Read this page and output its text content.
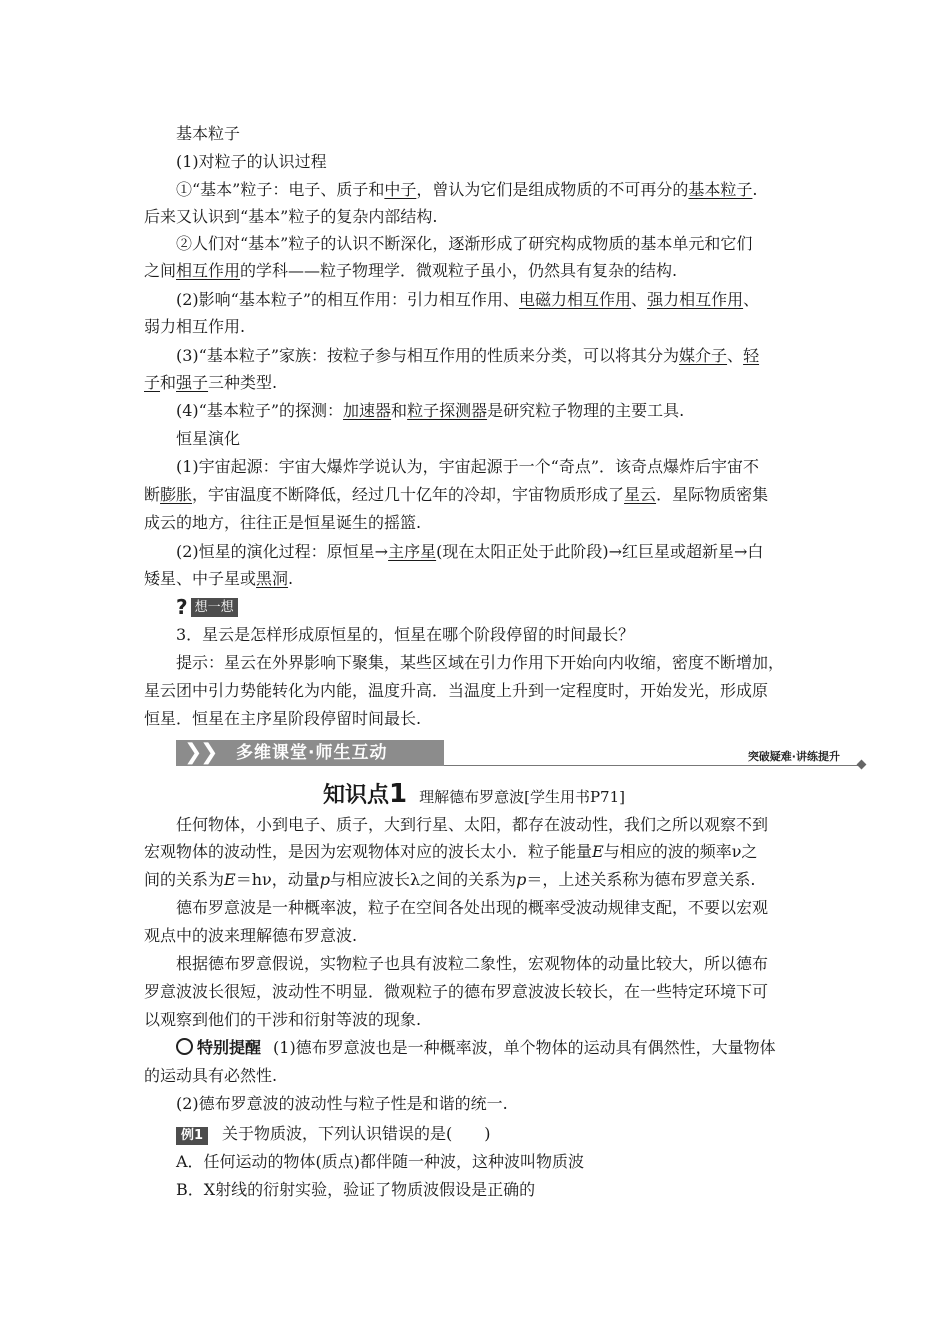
基本粒子
(1)对粒子的认识过程
①“基本”粒子：电子、质子和中子，曾认为它们是组成物质的不可再分的基本粒子.
后来又认识到“基本”粒子的复杂内部结构.
②人们对“基本”粒子的认识不断深化，逐渐形成了研究构成物质的基本单元和它们
之间相互作用的学科——粒子物理学．微观粒子虽小，仍然具有复杂的结构.
(2)影响“基本粒子”的相互作用：引力相互作用、电磁力相互作用、强力相互作用、
弱力相互作用.
(3)“基本粒子”家族：按粒子参与相互作用的性质来分类，可以将其分为媒介子、轻
子和强子三种类型.
(4)“基本粒子”的探测：加速器和粒子探测器是研究粒子物理的主要工具.
恒星演化
(1)宇宙起源：宇宙大爆炸学说认为，宇宙起源于一个“奇点”．该奇点爆炸后宇宙不
断膨胀，宇宙温度不断降低，经过几十亿年的冷却，宇宙物质形成了星云．星际物质密集
成云的地方，往往正是恒星诞生的摇篮.
(2)恒星的演化过程：原恒星→主序星(现在太阳正处于此阶段)→红巨星或超新星→白
矮星、中子星或黑洞.
? 想一想
3．星云是怎样形成原恒星的，恒星在哪个阶段停留的时间最长？
提示：星云在外界影响下聚集，某些区域在引力作用下开始向内收缩，密度不断增加，
星云团中引力势能转化为内能，温度升高．当温度上升到一定程度时，开始发光，形成原
恒星．恒星在主序星阶段停留时间最长.
❯
❯ 多维课堂·师生互动	突破疑难·讲练提升
知识点 1 理解德布罗意波[学生用书P71]
任何物体，小到电子、质子，大到行星、太阳，都存在波动性，我们之所以观察不到
宏观物体的波动性，是因为宏观物体对应的波长太小．粒子能量E与相应的波的频率ν之
间的关系为E＝hν，动量p与相应波长λ之间的关系为p＝，上述关系称为德布罗意关系.
德布罗意波是一种概率波，粒子在空间各处出现的概率受波动规律支配，不要以宏观
观点中的波来理解德布罗意波.
根据德布罗意假说，实物粒子也具有波粒二象性，宏观物体的动量比较大，所以德布
罗意波波长很短，波动性不明显．微观粒子的德布罗意波波长较长，在一些特定环境下可
以观察到他们的干涉和衍射等波的现象.
特别提醒 (1)德布罗意波也是一种概率波，单个物体的运动具有偶然性，大量物体
的运动具有必然性.
(2)德布罗意波的波动性与粒子性是和谐的统一.
例1 关于物质波，下列认识错误的是(　　)
A．任何运动的物体(质点)都伴随一种波，这种波叫物质波
B．X射线的衍射实验，验证了物质波假设是正确的
